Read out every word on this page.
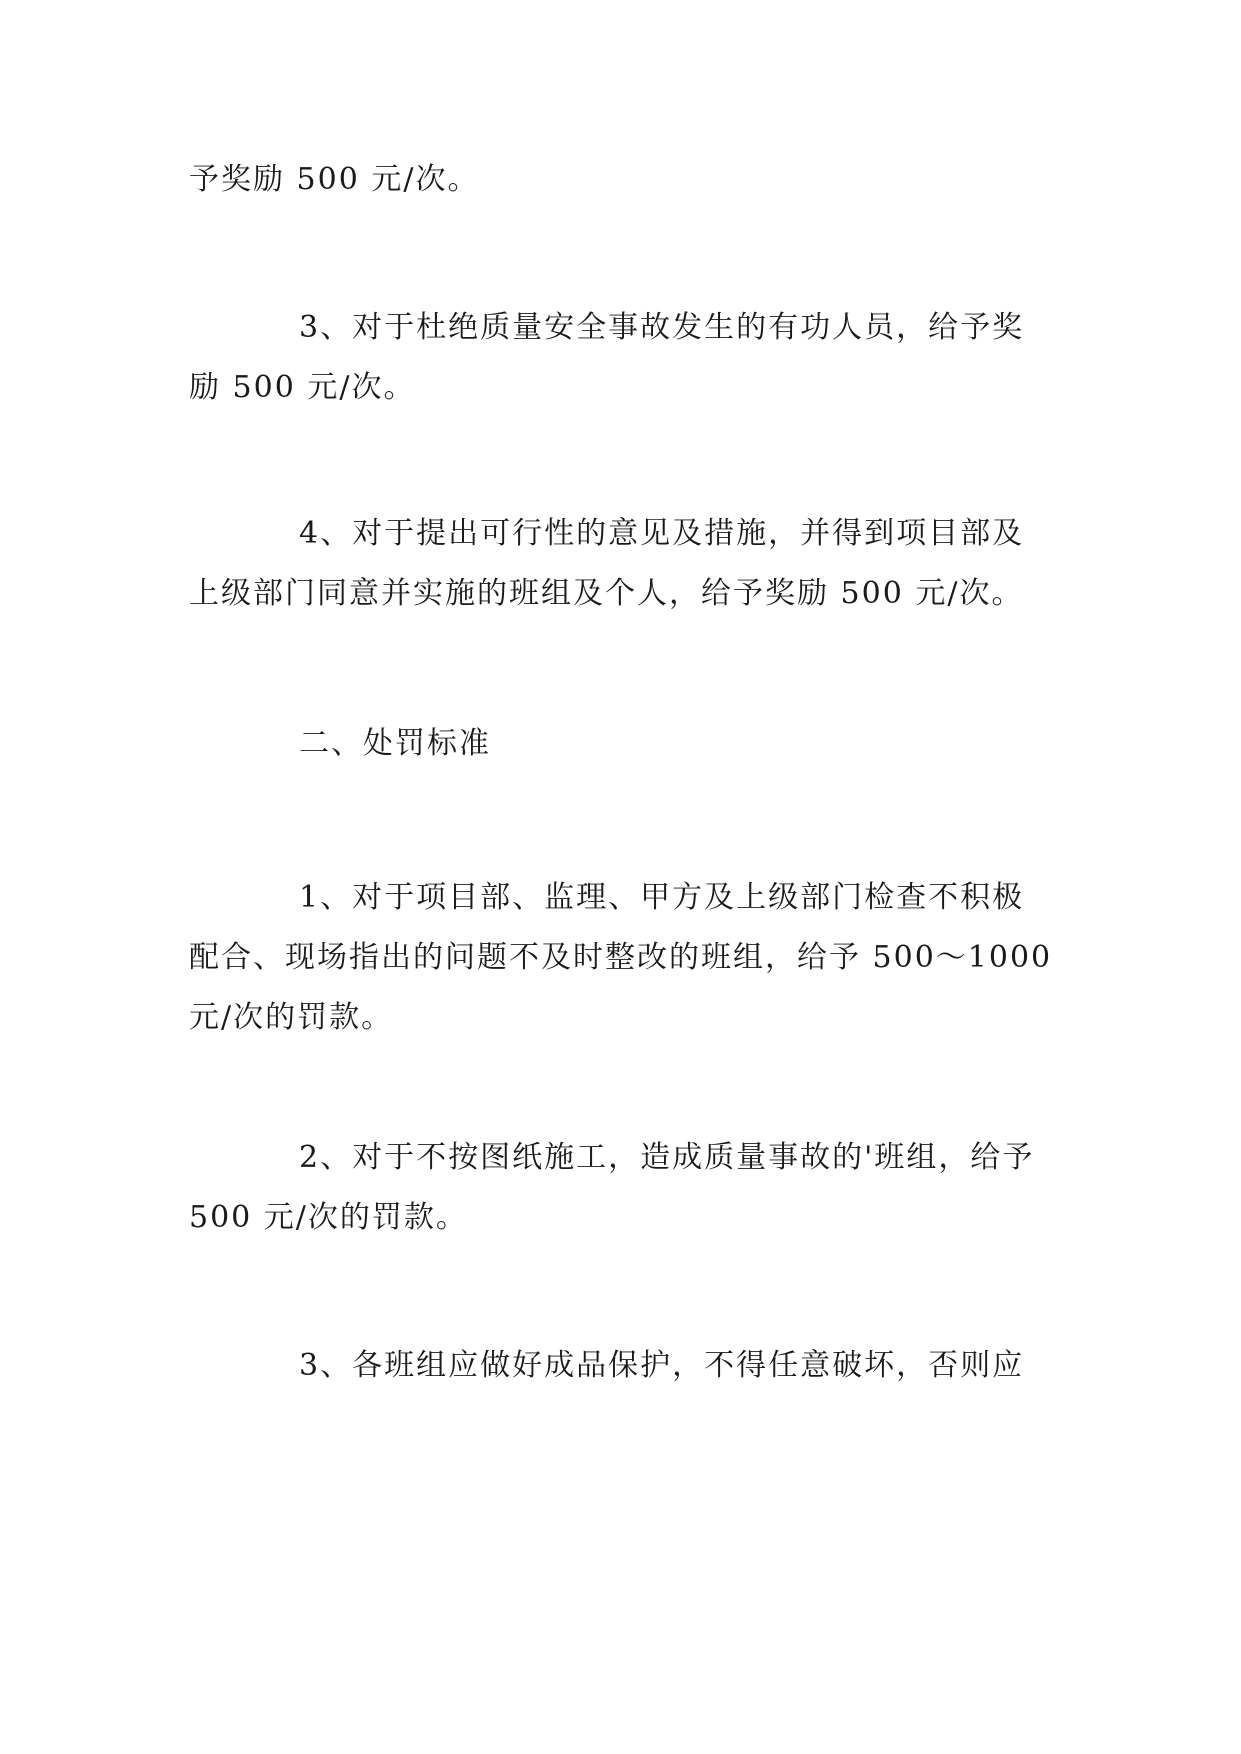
予奖励 500 元/次。

3、对于杜绝质量安全事故发生的有功人员，给予奖
励 500 元/次。

4、对于提出可行性的意见及措施，并得到项目部及
上级部门同意并实施的班组及个人，给予奖励 500 元/次。

二、处罚标准

1、对于项目部、监理、甲方及上级部门检查不积极
配合、现场指出的问题不及时整改的班组，给予 500～1000
元/次的罚款。

2、对于不按图纸施工，造成质量事故的'班组，给予
500 元/次的罚款。

3、各班组应做好成品保护，不得任意破坏，否则应
